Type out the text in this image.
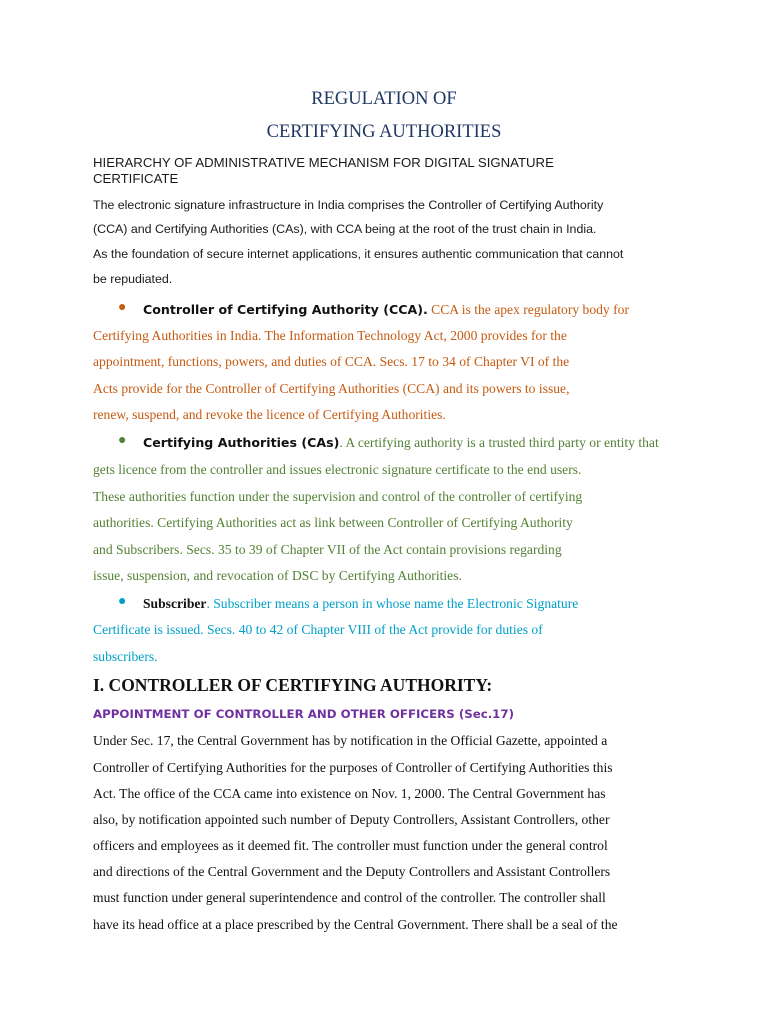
REGULATION OF

CERTIFYING AUTHORITIES

HIERARCHY OF ADMINISTRATIVE MECHANISM FOR DIGITAL SIGNATURE

CERTIFICATE

The electronic signature infrastructure in India comprises the Controller of Certifying Authority

(CCA) and Certifying Authorities (CAs), with CCA being at the root of the trust chain in India.

As the foundation of secure internet applications, it ensures authentic communication that cannot

be repudiated.

● Controller of Certifying Authority (CCA). CCA is the apex regulatory body for

Certifying Authorities in India. The Information Technology Act, 2000 provides for the

appointment, functions, powers, and duties of CCA. Secs. 17 to 34 of Chapter VI of the

Acts provide for the Controller of Certifying Authorities (CCA) and its powers to issue,

renew, suspend, and revoke the licence of Certifying Authorities.

● Certifying Authorities (CAs). A certifying authority is a trusted third party or entity that

gets licence from the controller and issues electronic signature certificate to the end users.

These authorities function under the supervision and control of the controller of certifying

authorities. Certifying Authorities act as link between Controller of Certifying Authority

and Subscribers. Secs. 35 to 39 of Chapter VII of the Act contain provisions regarding

issue, suspension, and revocation of DSC by Certifying Authorities.

● Subscriber. Subscriber means a person in whose name the Electronic Signature

Certificate is issued. Secs. 40 to 42 of Chapter VIII of the Act provide for duties of

subscribers.

I. CONTROLLER OF CERTIFYING AUTHORITY:

APPOINTMENT OF CONTROLLER AND OTHER OFFICERS (Sec.17)

Under Sec. 17, the Central Government has by notification in the Official Gazette, appointed a

Controller of Certifying Authorities for the purposes of Controller of Certifying Authorities this

Act. The office of the CCA came into existence on Nov. 1, 2000. The Central Government has

also, by notification appointed such number of Deputy Controllers, Assistant Controllers, other

officers and employees as it deemed fit. The controller must function under the general control

and directions of the Central Government and the Deputy Controllers and Assistant Controllers

must function under general superintendence and control of the controller. The controller shall

have its head office at a place prescribed by the Central Government. There shall be a seal of the
